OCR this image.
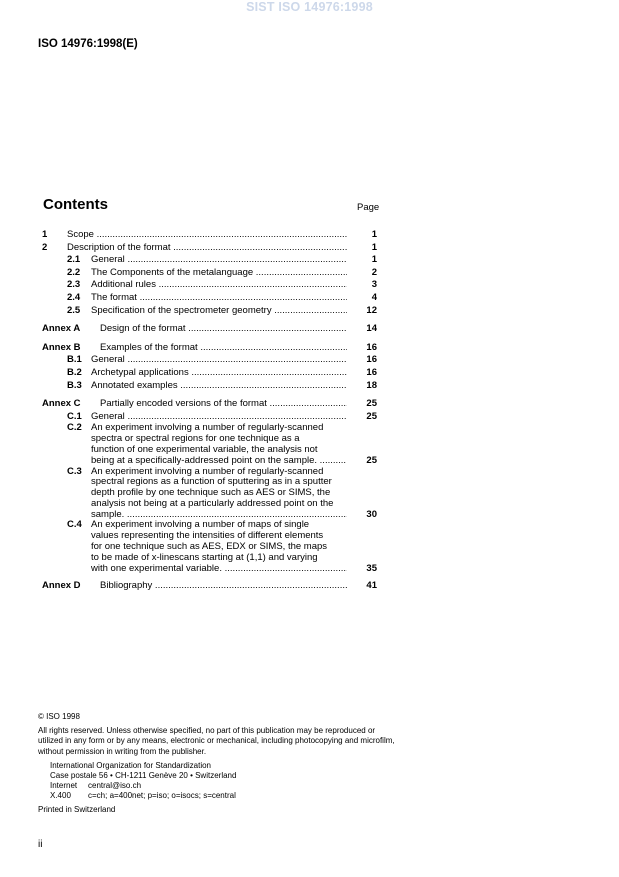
SIST ISO 14976:1998
ISO 14976:1998(E)
Contents	Page
1 Scope .....	1
2 Description of the format .....	1
2.1 General .....	1
2.2 The Components of the metalanguage .....	2
2.3 Additional rules .....	3
2.4 The format .....	4
2.5 Specification of the spectrometer geometry .....	12
Annex A Design of the format .....	14
Annex B Examples of the format .....	16
B.1 General .....	16
B.2 Archetypal applications .....	16
B.3 Annotated examples .....	18
Annex C Partially encoded versions of the format .....	25
C.1 General .....	25
C.2 An experiment involving a number of regularly-scanned
spectra or spectral regions for one technique as a
function of one experimental variable, the analysis not
being at a specifically-addressed point on the sample. .....	25
C.3 An experiment involving a number of regularly-scanned
spectral regions as a function of sputtering as in a sputter
depth profile by one technique such as AES or SIMS, the
analysis not being at a particularly addressed point on the
sample. .....	30
C.4 An experiment involving a number of maps of single
values representing the intensities of different elements
for one technique such as AES, EDX or SIMS, the maps
to be made of x-linescans starting at (1,1) and varying
with one experimental variable. .....	35
Annex D Bibliography .....	41
© ISO 1998
All rights reserved. Unless otherwise specified, no part of this publication may be reproduced or utilized in any form or by any means, electronic or mechanical, including photocopying and microfilm, without permission in writing from the publisher.
International Organization for Standardization
Case postale 56 • CH-1211 Genève 20 • Switzerland
Internet	central@iso.ch
X.400	c=ch; a=400net; p=iso; o=isocs; s=central
Printed in Switzerland
ii
